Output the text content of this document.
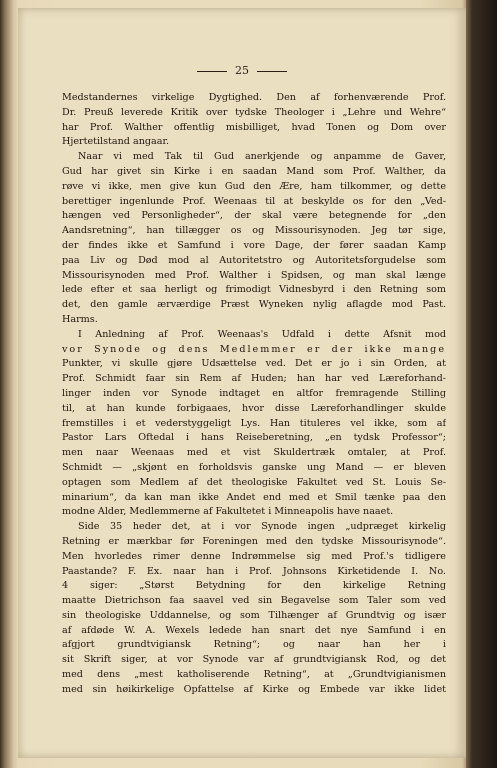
25
Medstandernes virkelige Dygtighed. Den af forhenværende Prof.
Dr. Preuß leverede Kritik over tydske Theologer i „Lehre und Wehre“
har Prof. Walther offentlig misbilliget, hvad Tonen og Dom over
Hjertetilstand angaar.
Naar vi med Tak til Gud anerkjende og anpamme de Gaver,
Gud har givet sin Kirke i en saadan Mand som Prof. Walther, da
røve vi ikke, men give kun Gud den Ære, ham tilkommer, og dette
berettiger ingenlunde Prof. Weenaas til at beskylde os for den „Ved-
hængen ved Personligheder“, der skal være betegnende for „den
Aandsretning“, han tillægger os og Missourisynoden. Jeg tør sige,
der findes ikke et Samfund i vore Dage, der fører saadan Kamp
paa Liv og Død mod al Autoritetstro og Autoritetsforgudelse som
Missourisynoden med Prof. Walther i Spidsen, og man skal længe
lede efter et saa herligt og frimodigt Vidnesbyrd i den Retning som
det, den gamle ærværdige Præst Wyneken nylig aflagde mod Past.
Harms.
I Anledning af Prof. Weenaas's Udfald i dette Afsnit mod
vor Synode og dens Medlemmer er der ikke mange
Punkter, vi skulle gjøre Udsættelse ved. Det er jo i sin Orden, at
Prof. Schmidt faar sin Rem af Huden; han har ved Læreforhand-
linger inden vor Synode indtaget en altfor fremragende Stilling
til, at han kunde forbigaaes, hvor disse Læreforhandlinger skulde
fremstilles i et vederstyggeligt Lys. Han tituleres vel ikke, som af
Pastor Lars Oftedal i hans Reiseberetning, „en tydsk Professor“;
men naar Weenaas med et vist Skuldertræk omtaler, at Prof.
Schmidt — „skjønt en forholdsvis ganske ung Mand — er bleven
optagen som Medlem af det theologiske Fakultet ved St. Louis Se-
minarium“, da kan man ikke Andet end med et Smil tænke paa den
modne Alder, Medlemmerne af Fakultetet i Minneapolis have naaet.
Side 35 heder det, at i vor Synode ingen „udpræget kirkelig
Retning er mærkbar før Foreningen med den tydske Missourisynode“.
Men hvorledes rimer denne Indrømmelse sig med Prof.'s tidligere
Paastande? F. Ex. naar han i Prof. Johnsons Kirketidende I. No.
4 siger: „Størst Betydning for den kirkelige Retning
maatte Dietrichson faa saavel ved sin Begavelse som Taler som ved
sin theologiske Uddannelse, og som Tilhænger af Grundtvig og især
af afdøde W. A. Wexels ledede han snart det nye Samfund i en
afgjort grundtvigiansk Retning“; og naar han her i
sit Skrift siger, at vor Synode var af grundtvigiansk Rod, og det
med dens „mest katholiserende Retning“, at „Grundtvigianismen
med sin høikirkelige Opfattelse af Kirke og Embede var ikke lidet
